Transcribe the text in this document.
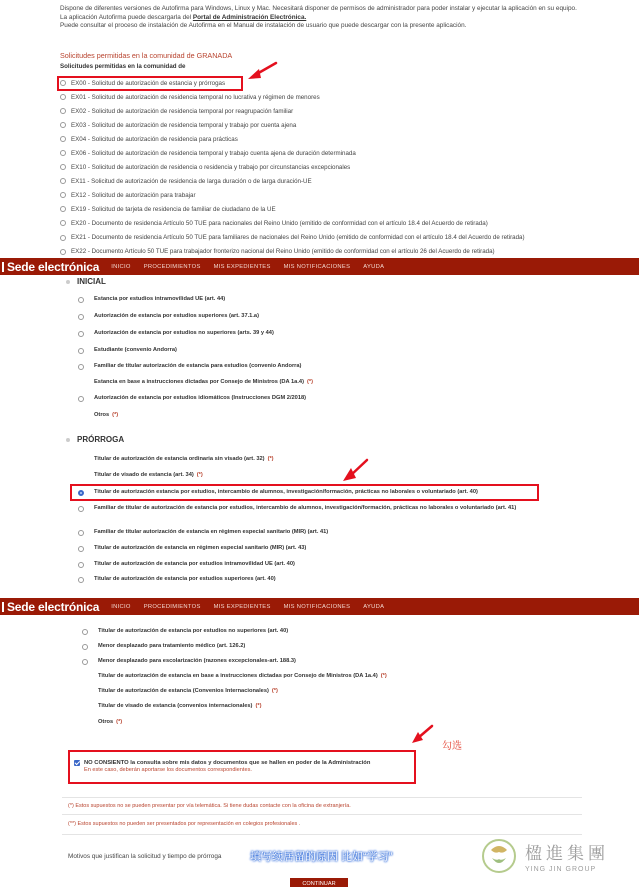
Dispone de diferentes versiones de Autofirma para Windows, Linux y Mac. Necesitará disponer de permisos de administrador para poder instalar y ejecutar la aplicación en su equipo.
La aplicación Autofirma puede descargarla del Portal de Administración Electrónica.
Puede consultar el proceso de instalación de Autofirma en el Manual de instalación de usuario que puede descargar con la presente aplicación.
Solicitudes permitidas en la comunidad de GRANADA
Solicitudes permitidas en la comunidad de
EX00 - Solicitud de autorización de estancia y prórrogas
EX01 - Solicitud de autorización de residencia temporal no lucrativa y régimen de menores
EX02 - Solicitud de autorización de residencia temporal por reagrupación familiar
EX03 - Solicitud de autorización de residencia temporal y trabajo por cuenta ajena
EX04 - Solicitud de autorización de residencia para prácticas
EX06 - Solicitud de autorización de residencia temporal y trabajo cuenta ajena de duración determinada
EX10 - Solicitud de autorización de residencia o residencia y trabajo por circunstancias excepcionales
EX11 - Solicitud de autorización de residencia de larga duración o de larga duración-UE
EX12 - Solicitud de autorización para trabajar
EX19 - Solicitud de tarjeta de residencia de familiar de ciudadano de la UE
EX20 - Documento de residencia Artículo 50 TUE para nacionales del Reino Unido (emitido de conformidad con el artículo 18.4 del Acuerdo de retirada)
EX21 - Documento de residencia Artículo 50 TUE para familiares de nacionales del Reino Unido (emitido de conformidad con el artículo 18.4 del Acuerdo de retirada)
EX22 - Documento Artículo 50 TUE para trabajador fronterizo nacional del Reino Unido (emitido de conformidad con el artículo 26 del Acuerdo de retirada)
Sede electrónica INICIO PROCEDIMIENTOS MIS EXPEDIENTES MIS NOTIFICACIONES AYUDA
INICIAL
Estancia por estudios intramovilidad UE (art. 44)
Autorización de estancia por estudios superiores (art. 37.1.a)
Autorización de estancia por estudios no superiores (arts. 39 y 44)
Estudiante (convenio Andorra)
Familiar de titular autorización de estancia para estudios (convenio Andorra)
Estancia en base a instrucciones dictadas por Consejo de Ministros (DA 1a.4) (*)
Autorización de estancia por estudios idiomáticos (Instrucciones DGM 2/2018)
Otros (*)
PRÓRROGA
Titular de autorización de estancia ordinaria sin visado (art. 32) (*)
Titular de visado de estancia (art. 34) (*)
Titular de autorización estancia por estudios, intercambio de alumnos, investigación/formación, prácticas no laborales o voluntariado (art. 40)
Familiar de titular de autorización de estancia por estudios, intercambio de alumnos, investigación/formación, prácticas no laborales o voluntariado (art. 41)
Familiar de titular autorización de estancia en régimen especial sanitario (MIR) (art. 41)
Titular de autorización de estancia en régimen especial sanitario (MIR) (art. 43)
Titular de autorización de estancia por estudios intramovilidad UE (art. 40)
Titular de autorización de estancia por estudios superiores (art. 40)
Sede electrónica INICIO PROCEDIMIENTOS MIS EXPEDIENTES MIS NOTIFICACIONES AYUDA
Titular de autorización de estancia por estudios no superiores (art. 40)
Menor desplazado para tratamiento médico (art. 126.2)
Menor desplazado para escolarización (razones excepcionales-art. 188.3)
Titular de autorización de estancia en base a instrucciones dictadas por Consejo de Ministros (DA 1a.4) (*)
Titular de autorización de estancia (Convenios Internacionales) (*)
Titular de visado de estancia (convenios internacionales) (*)
Otros (*)
NO CONSIENTO la consulta sobre mis datos y documentos que se hallen en poder de la Administración
En este caso, deberán aportarse los documentos correspondientes.
勾选
(*) Estos supuestos no se pueden presentar por vía telemática. Si tiene dudas contacte con la oficina de extranjería.
(**) Estos supuestos no pueden ser presentados por representación en colegios profesionales .
Motivos que justifican la solicitud y tiempo de prórroga	填写续居留的原因 比如“学习”
CONTINUAR
楹進集團
YING JIN GROUP
